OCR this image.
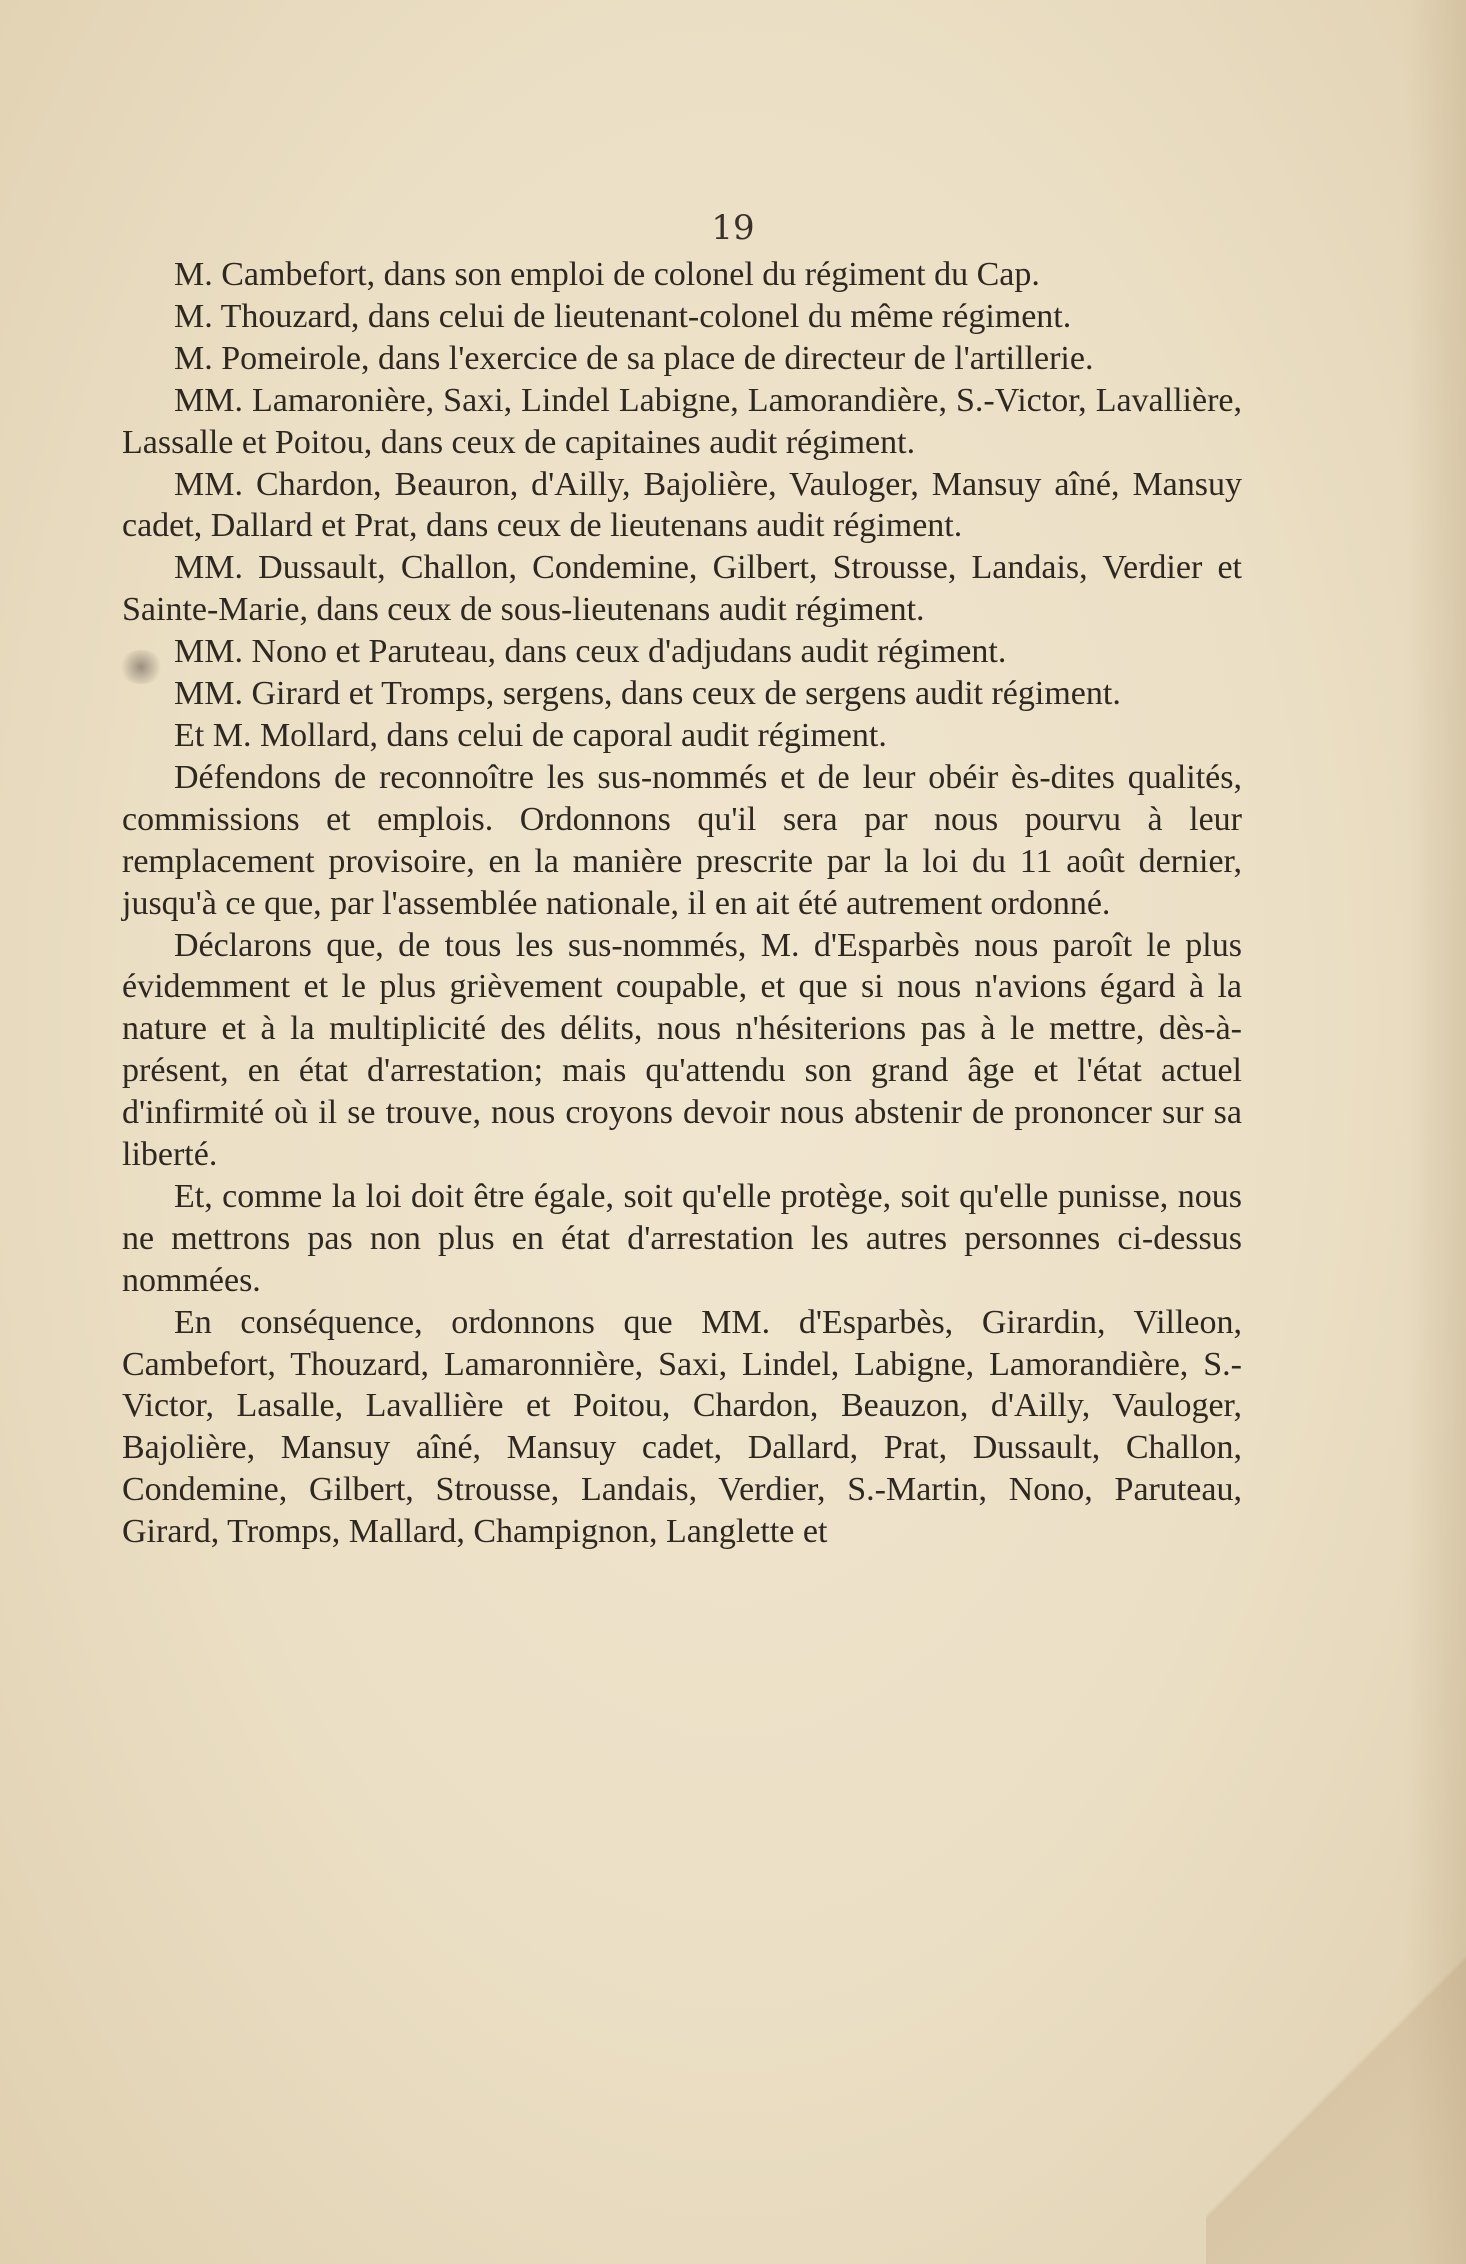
19

M. Cambefort, dans son emploi de colonel du régiment du Cap.

M. Thouzard, dans celui de lieutenant-colonel du même régiment.

M. Pomeirole, dans l'exercice de sa place de directeur de l'artillerie.

MM. Lamaronière, Saxi, Lindel Labigne, Lamorandière, S.-Victor, Lavallière, Lassalle et Poitou, dans ceux de capitaines audit régiment.

MM. Chardon, Beauron, d'Ailly, Bajolière, Vauloger, Mansuy aîné, Mansuy cadet, Dallard et Prat, dans ceux de lieutenans audit régiment.

MM. Dussault, Challon, Condemine, Gilbert, Strousse, Landais, Verdier et Sainte-Marie, dans ceux de sous-lieutenans audit régiment.

MM. Nono et Paruteau, dans ceux d'adjudans audit régiment.

MM. Girard et Tromps, sergens, dans ceux de sergens audit régiment.

Et M. Mollard, dans celui de caporal audit régiment.

Défendons de reconnoître les sus-nommés et de leur obéir ès-dites qualités, commissions et emplois. Ordonnons qu'il sera par nous pourvu à leur remplacement provisoire, en la manière prescrite par la loi du 11 août dernier, jusqu'à ce que, par l'assemblée nationale, il en ait été autrement ordonné.

Déclarons que, de tous les sus-nommés, M. d'Esparbès nous paroît le plus évidemment et le plus grièvement coupable, et que si nous n'avions égard à la nature et à la multiplicité des délits, nous n'hésiterions pas à le mettre, dès-à-présent, en état d'arrestation; mais qu'attendu son grand âge et l'état actuel d'infirmité où il se trouve, nous croyons devoir nous abstenir de prononcer sur sa liberté.

Et, comme la loi doit être égale, soit qu'elle protège, soit qu'elle punisse, nous ne mettrons pas non plus en état d'arrestation les autres personnes ci-dessus nommées.

En conséquence, ordonnons que MM. d'Esparbès, Girardin, Villeon, Cambefort, Thouzard, Lamaronnière, Saxi, Lindel, Labigne, Lamorandière, S.-Victor, Lasalle, Lavallière et Poitou, Chardon, Beauzon, d'Ailly, Vauloger, Bajolière, Mansuy aîné, Mansuy cadet, Dallard, Prat, Dussault, Challon, Condemine, Gilbert, Strousse, Landais, Verdier, S.-Martin, Nono, Paruteau, Girard, Tromps, Mallard, Champignon, Langlette et
